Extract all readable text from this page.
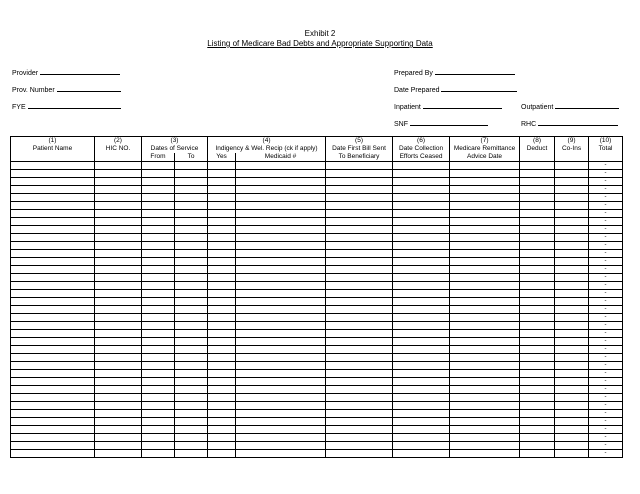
Exhibit 2
Listing of Medicare Bad Debts and Appropriate Supporting Data
Provider
Prov. Number
FYE
Prepared By
Date Prepared
Inpatient	Outpatient
SNF	RHC
(1)	(2)	(3)		(4)		(5)	(6)	(7)	(8)	(9)	(10)
Patient Name	HIC NO.	Dates of Service		Indigency & Wel. Recip (ck if apply)		Date First Bill Sent	Date Collection	Medicare Remittance	Deduct	Co-Ins	Total
		From	To	Yes	Medicaid #	To Beneficiary	Efforts Ceased	Advice Date			
											-
											-
											-
											-
											-
											-
											-
											-
											-
											-
											-
											-
											-
											-
											-
											-
											-
											-
											-
											-
											-
											-
											-
											-
											-
											-
											-
											-
											-
											-
											-
											-
											-
											-
											-
											-
											-
